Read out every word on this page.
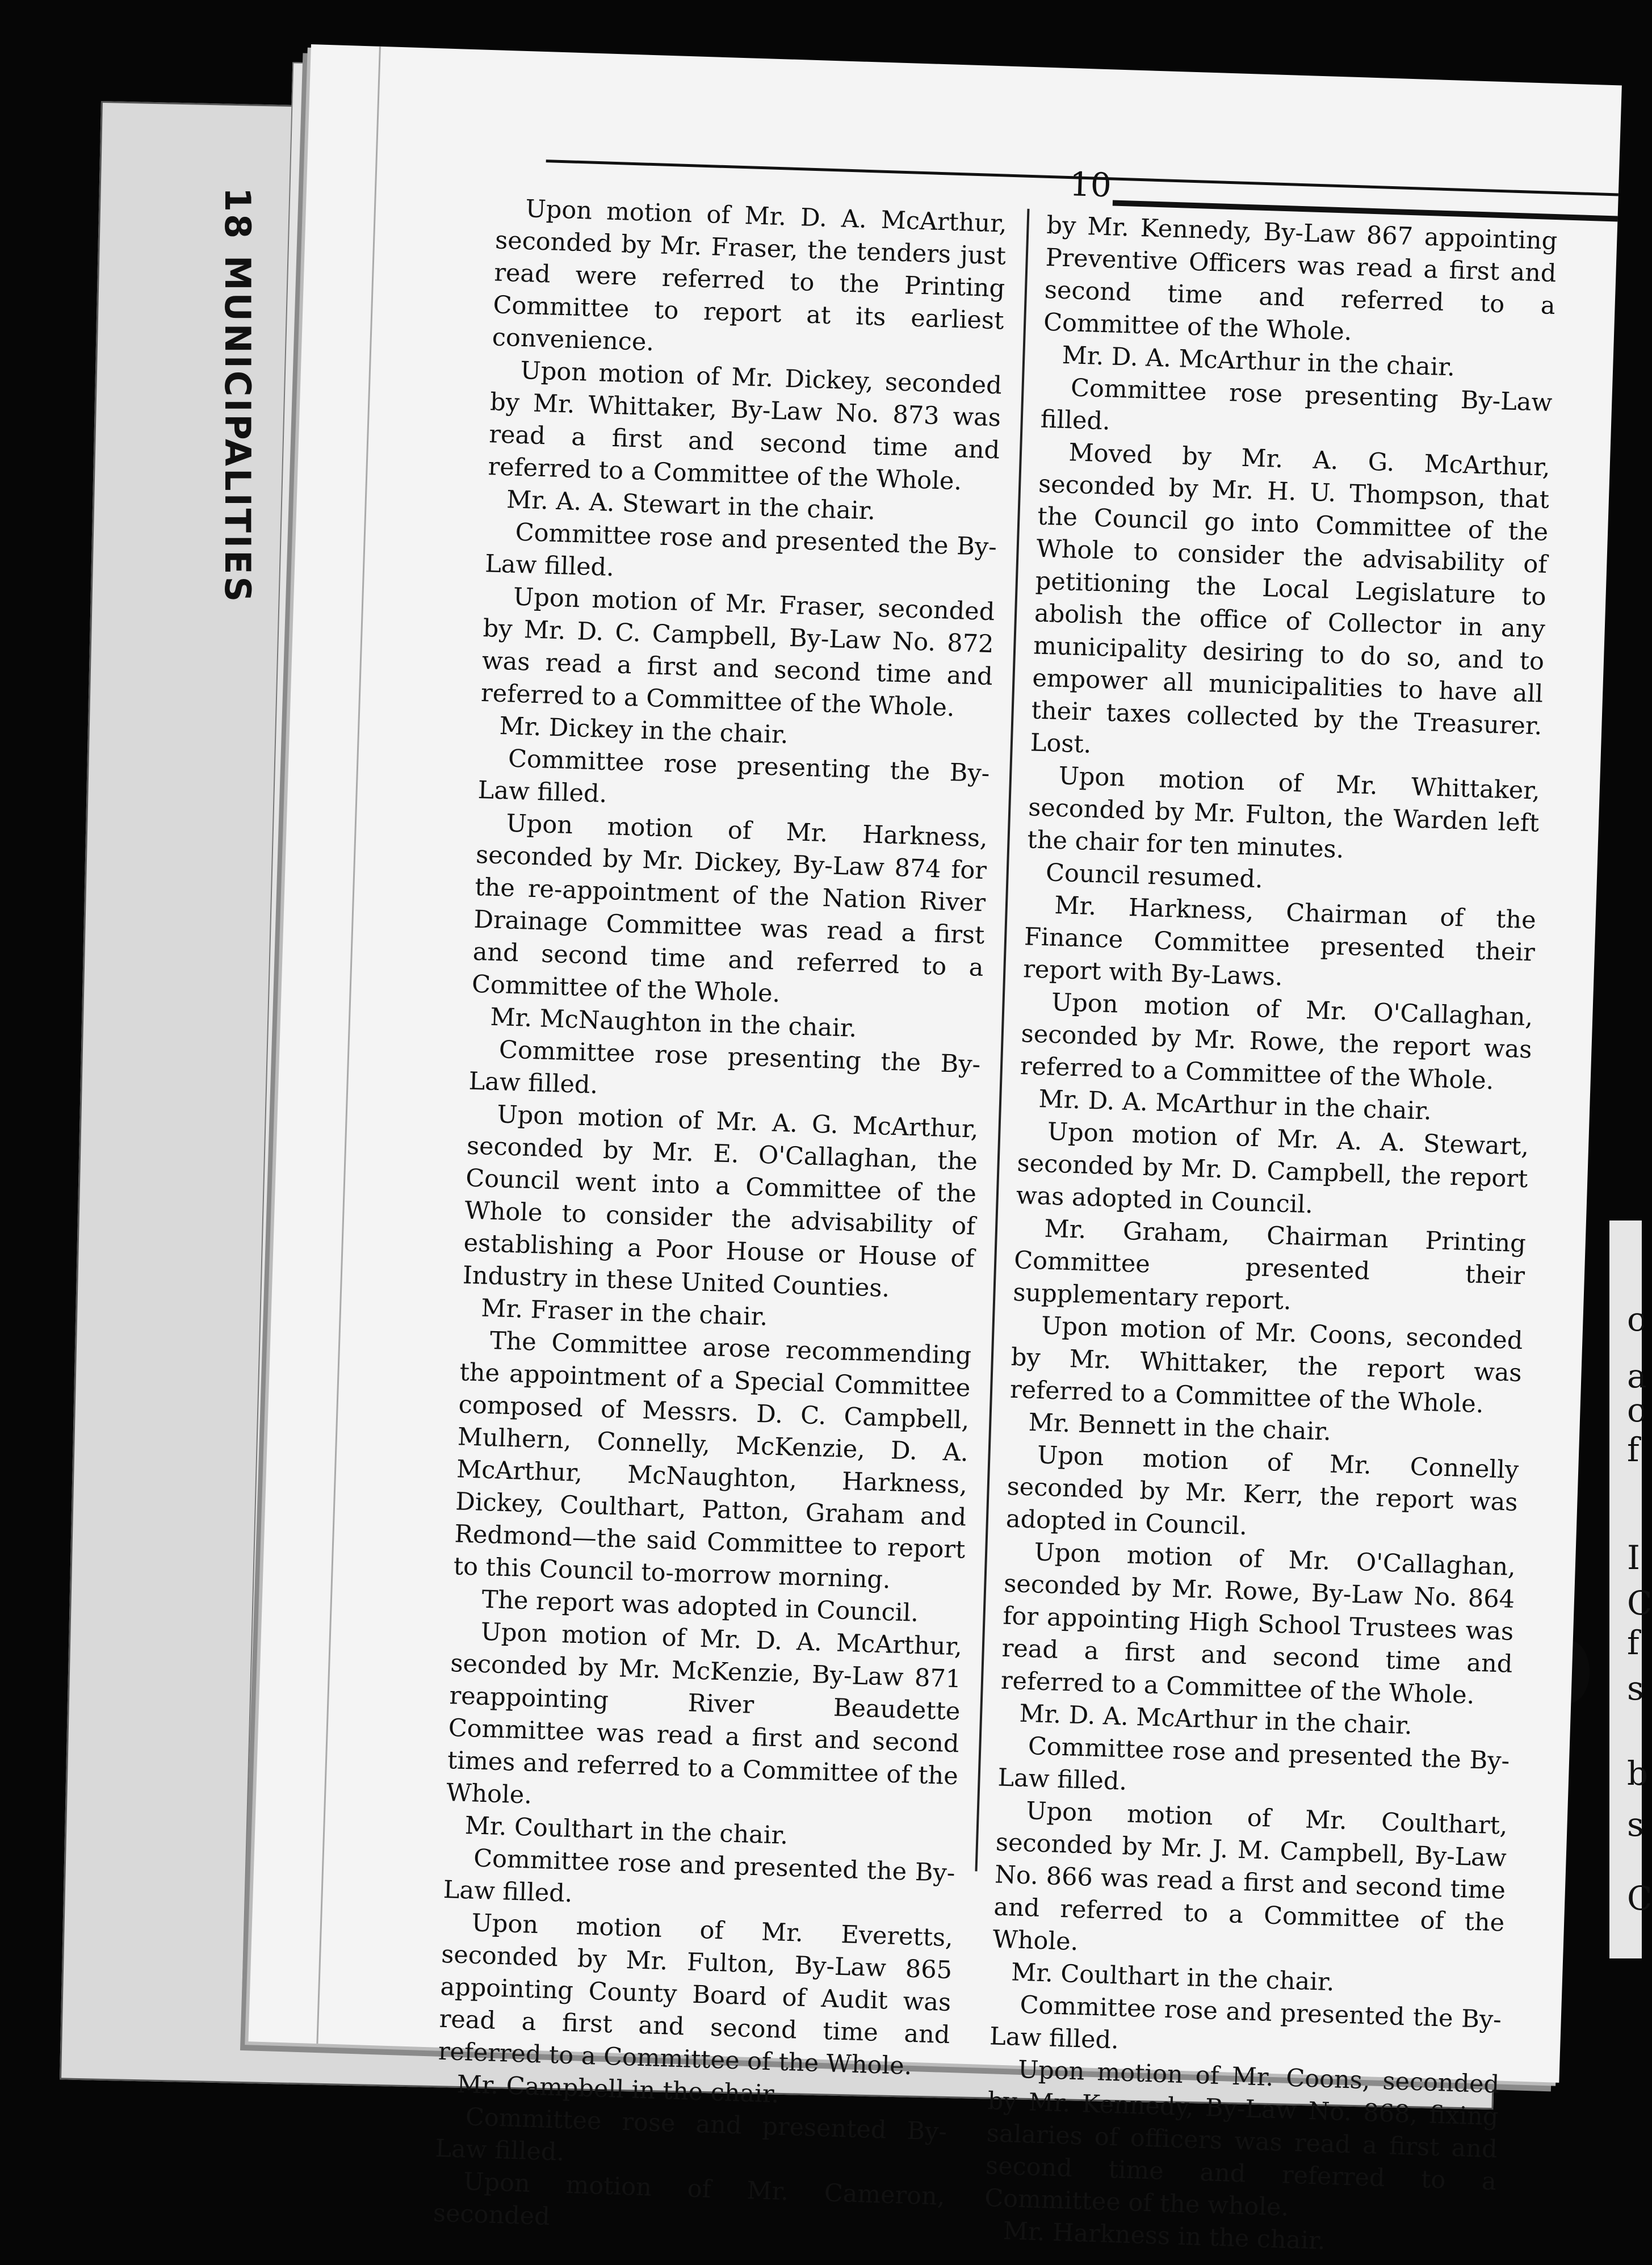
18 MUNICIPALITIES
c
a
c
f
I
C
f
s
b
s
C
10

Upon motion of Mr. D. A. McArthur, seconded by Mr. Fraser, the tenders just read were referred to the Printing Committee to report at its earliest convenience.

Upon motion of Mr. Dickey, seconded by Mr. Whittaker, By-Law No. 873 was read a first and second time and referred to a Committee of the Whole.

Mr. A. A. Stewart in the chair.

Committee rose and presented the By-Law filled.

Upon motion of Mr. Fraser, seconded by Mr. D. C. Campbell, By-Law No. 872 was read a first and second time and referred to a Committee of the Whole.

Mr. Dickey in the chair.

Committee rose presenting the By-Law filled.

Upon motion of Mr. Harkness, seconded by Mr. Dickey, By-Law 874 for the re-appointment of the Nation River Drainage Committee was read a first and second time and referred to a Committee of the Whole.

Mr. McNaughton in the chair.

Committee rose presenting the By-Law filled.

Upon motion of Mr. A. G. McArthur, seconded by Mr. E. O'Callaghan, the Council went into a Committee of the Whole to consider the advisability of establishing a Poor House or House of Industry in these United Counties.

Mr. Fraser in the chair.

The Committee arose recommending the appointment of a Special Committee composed of Messrs. D. C. Campbell, Mulhern, Connelly, McKenzie, D. A. McArthur, McNaughton, Harkness, Dickey, Coulthart, Patton, Graham and Redmond—the said Committee to report to this Council to-morrow morning.

The report was adopted in Council.

Upon motion of Mr. D. A. McArthur, seconded by Mr. McKenzie, By-Law 871 reappointing River Beaudette Committee was read a first and second times and referred to a Committee of the Whole.

Mr. Coulthart in the chair.

Committee rose and presented the By-Law filled.

Upon motion of Mr. Everetts, seconded by Mr. Fulton, By-Law 865 appointing County Board of Audit was read a first and second time and referred to a Committee of the Whole.

Mr. Campbell in the chair.

Committee rose and presented By-Law filled.

Upon motion of Mr. Cameron, seconded

by Mr. Kennedy, By-Law 867 appointing Preventive Officers was read a first and second time and referred to a Committee of the Whole.

Mr. D. A. McArthur in the chair.

Committee rose presenting By-Law filled.

Moved by Mr. A. G. McArthur, seconded by Mr. H. U. Thompson, that the Council go into Committee of the Whole to consider the advisability of petitioning the Local Legislature to abolish the office of Collector in any municipality desiring to do so, and to empower all municipalities to have all their taxes collected by the Treasurer. Lost.

Upon motion of Mr. Whittaker, seconded by Mr. Fulton, the Warden left the chair for ten minutes.

Council resumed.

Mr. Harkness, Chairman of the Finance Committee presented their report with By-Laws.

Upon motion of Mr. O'Callaghan, seconded by Mr. Rowe, the report was referred to a Committee of the Whole.

Mr. D. A. McArthur in the chair.

Upon motion of Mr. A. A. Stewart, seconded by Mr. D. Campbell, the report was adopted in Council.

Mr. Graham, Chairman Printing Committee presented their supplementary report.

Upon motion of Mr. Coons, seconded by Mr. Whittaker, the report was referred to a Committee of the Whole.

Mr. Bennett in the chair.

Upon motion of Mr. Connelly seconded by Mr. Kerr, the report was adopted in Council.

Upon motion of Mr. O'Callaghan, seconded by Mr. Rowe, By-Law No. 864 for appointing High School Trustees was read a first and second time and referred to a Committee of the Whole.

Mr. D. A. McArthur in the chair.

Committee rose and presented the By-Law filled.

Upon motion of Mr. Coulthart, seconded by Mr. J. M. Campbell, By-Law No. 866 was read a first and second time and referred to a Committee of the Whole.

Mr. Coulthart in the chair.

Committee rose and presented the By-Law filled.

Upon motion of Mr. Coons, seconded by Mr. Kennedy, By-Law No. 868, fixing salaries of officers was read a first and second time and referred to a Committee of the whole.

Mr. Harkness in the chair.
